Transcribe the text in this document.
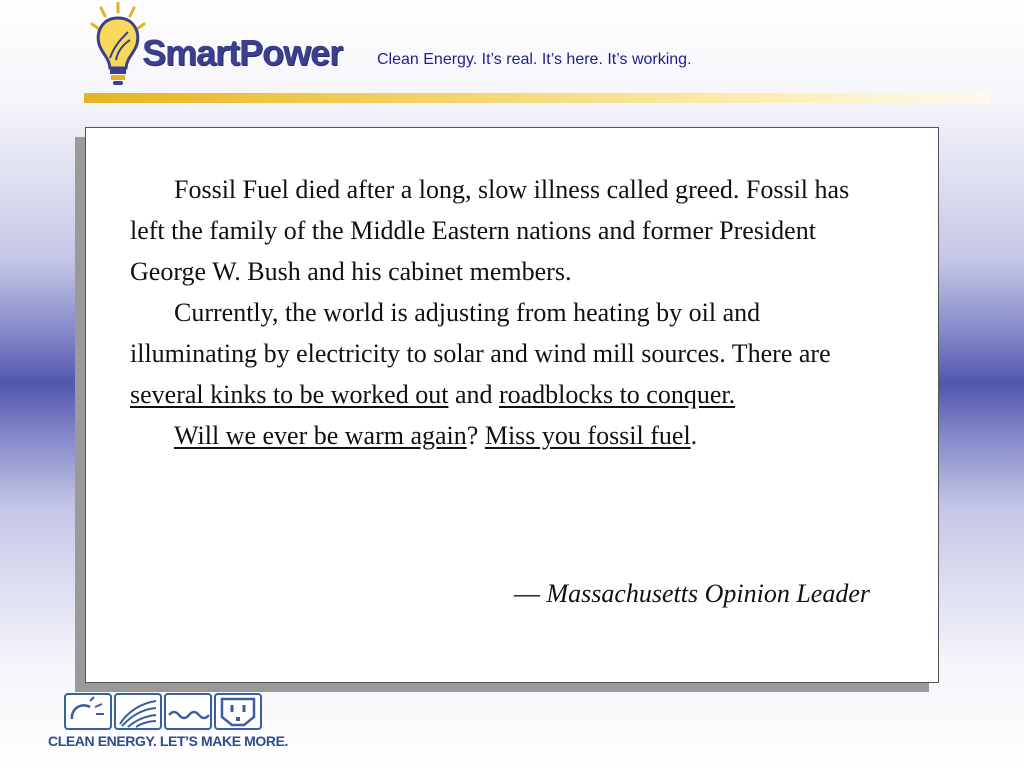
SmartPower Clean Energy. It’s real. It’s here. It’s working.

Fossil Fuel died after a long, slow illness called greed. Fossil has left the family of the Middle Eastern nations and former President George W. Bush and his cabinet members.

Currently, the world is adjusting from heating by oil and illuminating by electricity to solar and wind mill sources. There are several kinks to be worked out and roadblocks to conquer.

Will we ever be warm again? Miss you fossil fuel.

— Massachusetts Opinion Leader
CLEAN ENERGY. LET’S MAKE MORE.
